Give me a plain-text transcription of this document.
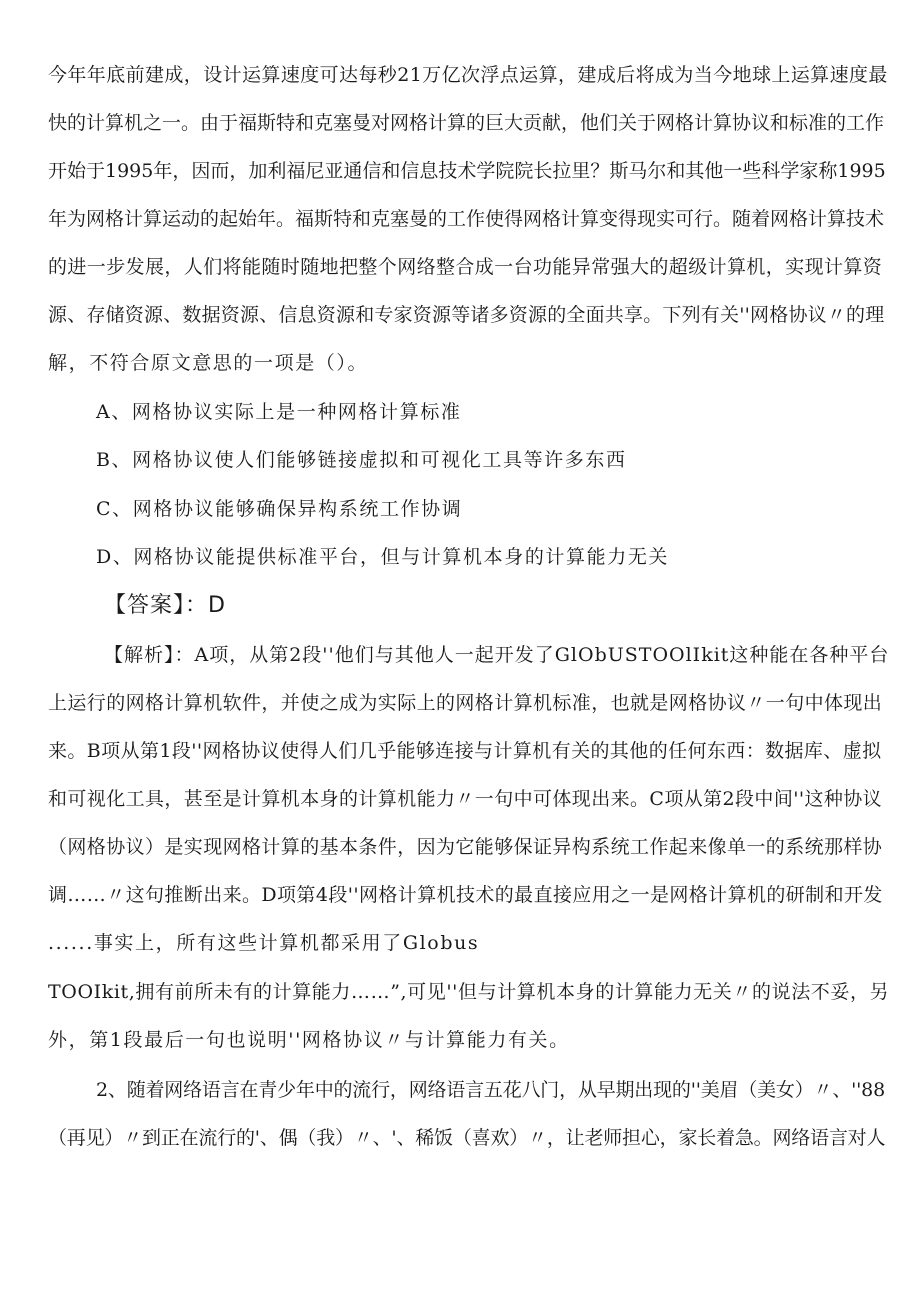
今年年底前建成，设计运算速度可达每秒21万亿次浮点运算，建成后将成为当今地球上运算速度最
快的计算机之一。由于福斯特和克塞曼对网格计算的巨大贡献，他们关于网格计算协议和标准的工作
开始于1995年，因而，加利福尼亚通信和信息技术学院院长拉里？斯马尔和其他一些科学家称1995
年为网格计算运动的起始年。福斯特和克塞曼的工作使得网格计算变得现实可行。随着网格计算技术
的进一步发展，人们将能随时随地把整个网络整合成一台功能异常强大的超级计算机，实现计算资
源、存储资源、数据资源、信息资源和专家资源等诸多资源的全面共享。下列有关''网格协议〃的理
解，不符合原文意思的一项是（）。
A、网格协议实际上是一种网格计算标准
B、网格协议使人们能够链接虚拟和可视化工具等许多东西
C、网格协议能够确保异构系统工作协调
D、网格协议能提供标准平台，但与计算机本身的计算能力无关
【答案】：D
【解析】：A项，从第2段''他们与其他人一起开发了GlObUSTOOlIkit这种能在各种平台
上运行的网格计算机软件，并使之成为实际上的网格计算机标准，也就是网格协议〃一句中体现出
来。B项从第1段''网格协议使得人们几乎能够连接与计算机有关的其他的任何东西：数据库、虚拟
和可视化工具，甚至是计算机本身的计算机能力〃一句中可体现出来。C项从第2段中间''这种协议
（网格协议）是实现网格计算的基本条件，因为它能够保证异构系统工作起来像单一的系统那样协
调……〃这句推断出来。D项第4段''网格计算机技术的最直接应用之一是网格计算机的研制和开发
......事实上，所有这些计算机都采用了Globus
TOOIkit,拥有前所未有的计算能力……”,可见''但与计算机本身的计算能力无关〃的说法不妥，另
外，第1段最后一句也说明''网格协议〃与计算能力有关。
2、随着网络语言在青少年中的流行，网络语言五花八门，从早期出现的''美眉（美女）〃、''88
（再见）〃到正在流行的'、偶（我）〃、'、稀饭（喜欢）〃，让老师担心，家长着急。网络语言对人
